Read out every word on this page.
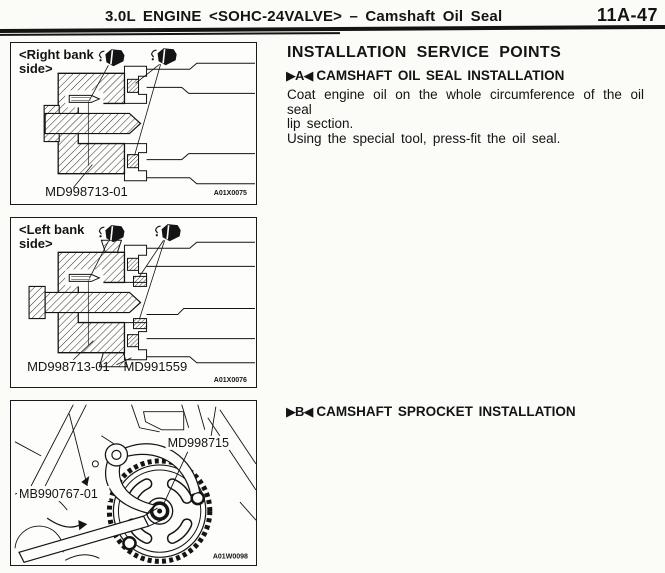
3.0L ENGINE <SOHC-24VALVE> – Camshaft Oil Seal	11A-47
<Right bank
side>
MD998713-01	A01X0075
<Left bank
side>
MD998713-01 MD991559
A01X0076
MD998715
MB990767-01
A01W0098
INSTALLATION SERVICE POINTS
▶A◀ CAMSHAFT OIL SEAL INSTALLATION
Coat engine oil on the whole circumference of the oil seal
lip section.
Using the special tool, press-fit the oil seal.
▶B◀ CAMSHAFT SPROCKET INSTALLATION
